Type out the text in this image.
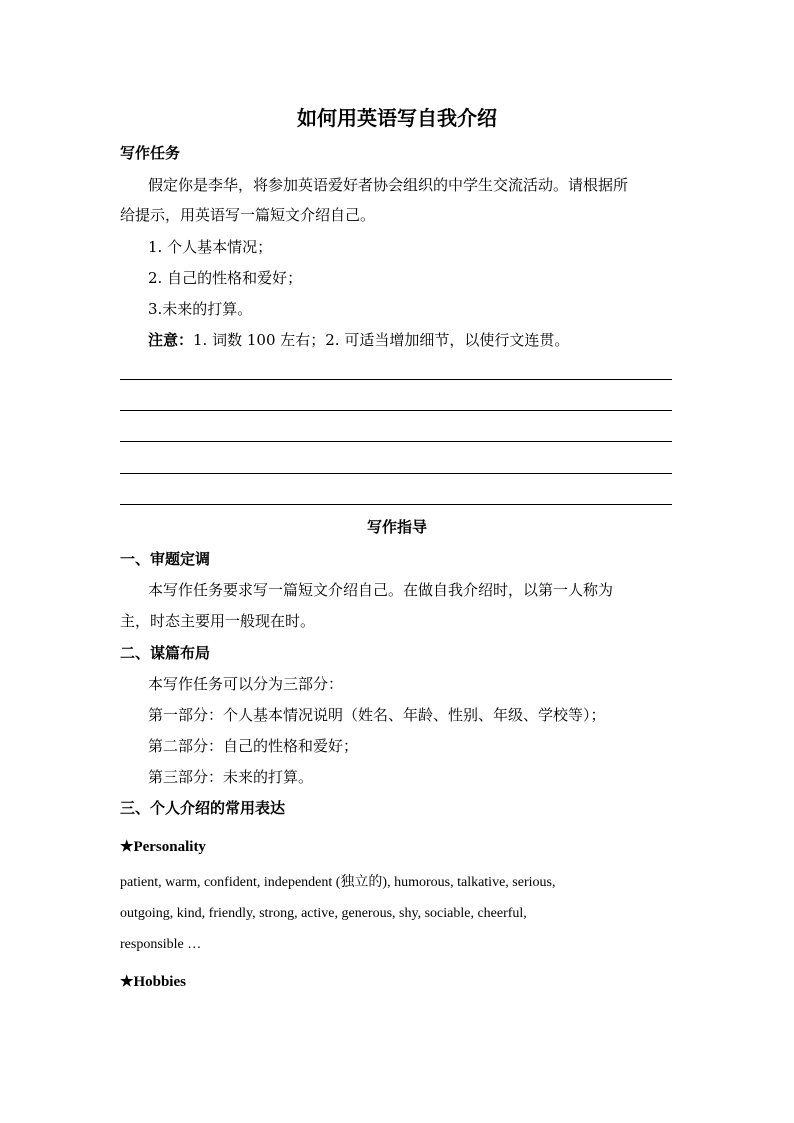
如何用英语写自我介绍
写作任务
假定你是李华，将参加英语爱好者协会组织的中学生交流活动。请根据所
给提示，用英语写一篇短文介绍自己。
1. 个人基本情况；
2. 自己的性格和爱好；
3.未来的打算。
注意：1. 词数 100 左右；2. 可适当增加细节，以使行文连贯。
写作指导
一、审题定调
本写作任务要求写一篇短文介绍自己。在做自我介绍时，以第一人称为
主，时态主要用一般现在时。
二、谋篇布局
本写作任务可以分为三部分：
第一部分：个人基本情况说明（姓名、年龄、性别、年级、学校等）；
第二部分：自己的性格和爱好；
第三部分：未来的打算。
三、个人介绍的常用表达
★Personality
patient, warm, confident, independent (独立的), humorous, talkative, serious,
outgoing, kind, friendly, strong, active, generous, shy, sociable, cheerful,
responsible …
★Hobbies
